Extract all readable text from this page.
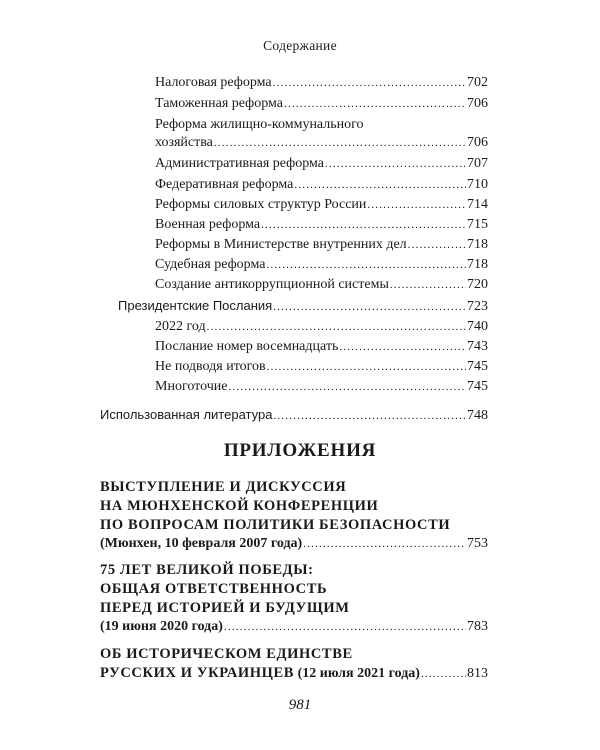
Содержание
Налоговая реформа .....	702
Таможенная реформа .....	706
Реформа жилищно-коммунального
хозяйства .....	706
Административная реформа .....	707
Федеративная реформа .....	710
Реформы силовых структур России .....	714
Военная реформа .....	715
Реформы в Министерстве внутренних дел .....	718
Судебная реформа .....	718
Создание антикоррупционной системы .....	720
Президентские Послания .....	723
2022 год .....	740
Послание номер восемнадцать .....	743
Не подводя итогов .....	745
Многоточие .....	745
Использованная литература .....	748
ПРИЛОЖЕНИЯ
ВЫСТУПЛЕНИЕ И ДИСКУССИЯ
НА МЮНХЕНСКОЙ КОНФЕРЕНЦИИ
ПО ВОПРОСАМ ПОЛИТИКИ БЕЗОПАСНОСТИ
(Мюнхен, 10 февраля 2007 года) .....	753
75 ЛЕТ ВЕЛИКОЙ ПОБЕДЫ:
ОБЩАЯ ОТВЕТСТВЕННОСТЬ
ПЕРЕД ИСТОРИЕЙ И БУДУЩИМ
(19 июня 2020 года) .....	783
ОБ ИСТОРИЧЕСКОМ ЕДИНСТВЕ
РУССКИХ И УКРАИНЦЕВ
(12 июля 2021 года) .....	813
981
